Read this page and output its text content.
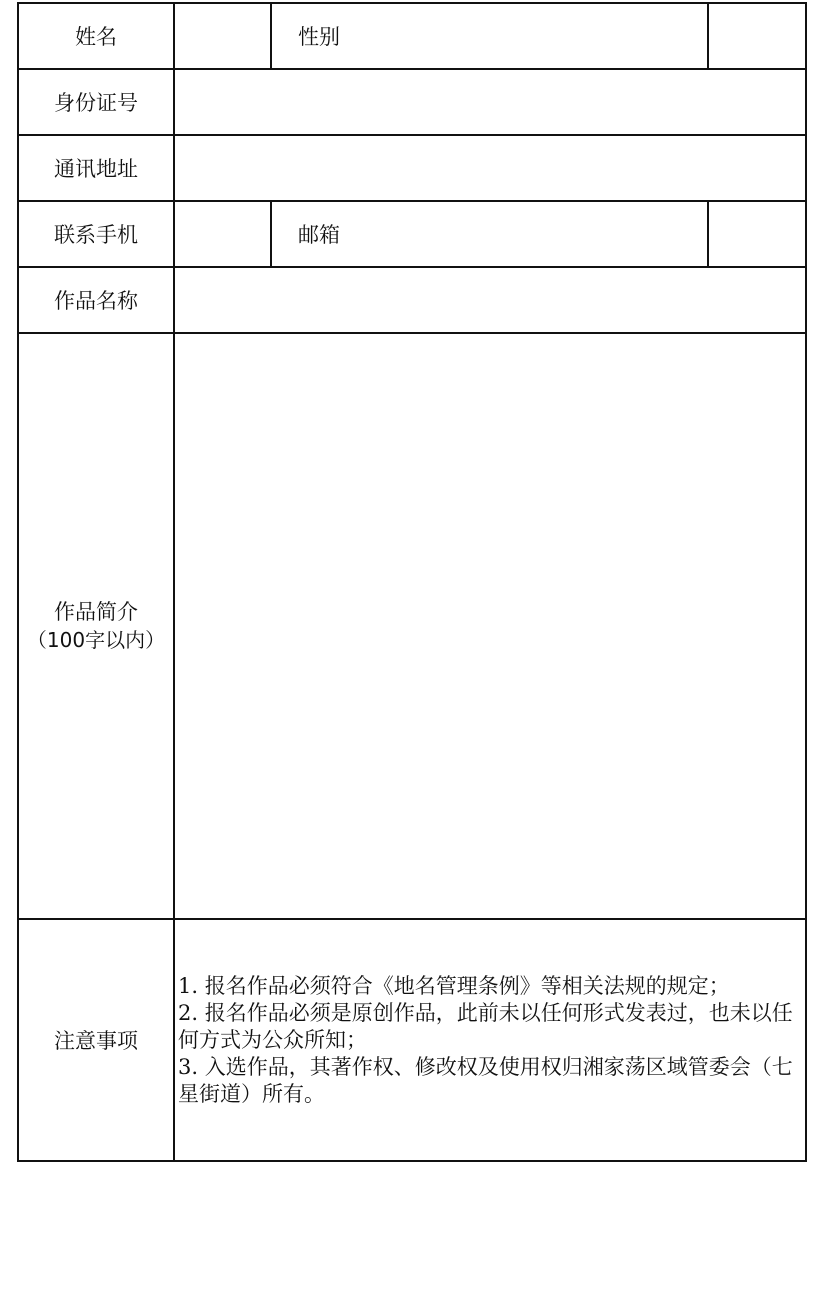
姓名		性别	
身份证号			
通讯地址			
联系手机		邮箱	
作品名称			

作品简介
（100字以内）			

注意事项	1. 报名作品必须符合《地名管理条例》等相关法规的规定；

2. 报名作品必须是原创作品，此前未以任何形式发表过，也未以任何方式为公众所知；

3. 入选作品，其著作权、修改权及使用权归湘家荡区域管委会（七星街道）所有。		
